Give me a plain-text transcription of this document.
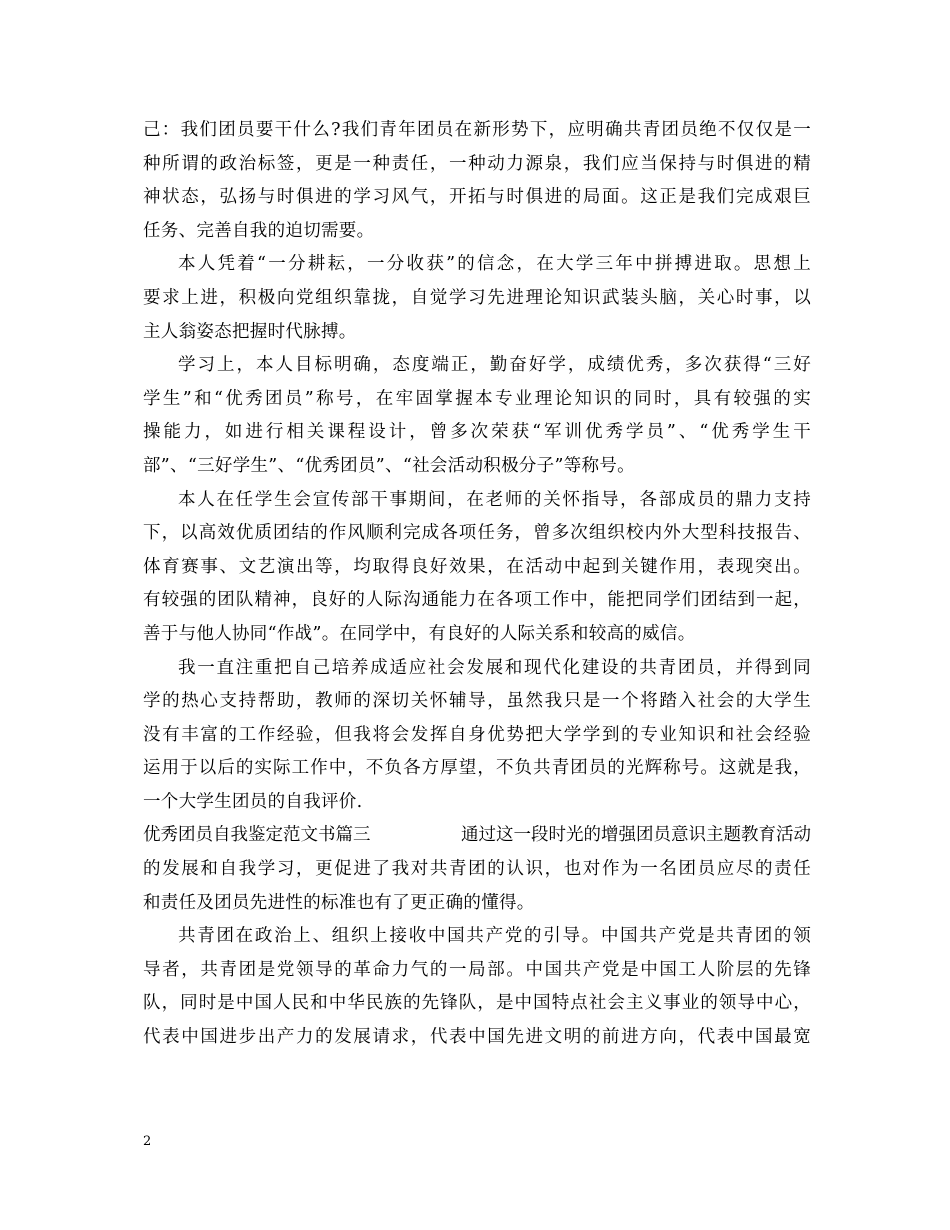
己：我们团员要干什么?我们青年团员在新形势下，应明确共青团员绝不仅仅是一
种所谓的政治标签，更是一种责任，一种动力源泉，我们应当保持与时俱进的精
神状态，弘扬与时俱进的学习风气，开拓与时俱进的局面。这正是我们完成艰巨
任务、完善自我的迫切需要。
本人凭着“一分耕耘，一分收获”的信念，在大学三年中拼搏进取。思想上
要求上进，积极向党组织靠拢，自觉学习先进理论知识武装头脑，关心时事，以
主人翁姿态把握时代脉搏。
学习上，本人目标明确，态度端正，勤奋好学，成绩优秀，多次获得“三好
学生”和“优秀团员”称号，在牢固掌握本专业理论知识的同时，具有较强的实
操能力，如进行相关课程设计，曾多次荣获“军训优秀学员”、“优秀学生干
部”、“三好学生”、“优秀团员”、“社会活动积极分子”等称号。
本人在任学生会宣传部干事期间，在老师的关怀指导，各部成员的鼎力支持
下，以高效优质团结的作风顺利完成各项任务，曾多次组织校内外大型科技报告、
体育赛事、文艺演出等，均取得良好效果，在活动中起到关键作用，表现突出。
有较强的团队精神，良好的人际沟通能力在各项工作中，能把同学们团结到一起，
善于与他人协同“作战”。在同学中，有良好的人际关系和较高的威信。
我一直注重把自己培养成适应社会发展和现代化建设的共青团员，并得到同
学的热心支持帮助，教师的深切关怀辅导，虽然我只是一个将踏入社会的大学生
没有丰富的工作经验，但我将会发挥自身优势把大学学到的专业知识和社会经验
运用于以后的实际工作中，不负各方厚望，不负共青团员的光辉称号。这就是我，
一个大学生团员的自我评价.
优秀团员自我鉴定范文书篇三	通过这一段时光的增强团员意识主题教育活动
的发展和自我学习，更促进了我对共青团的认识，也对作为一名团员应尽的责任
和责任及团员先进性的标准也有了更正确的懂得。
共青团在政治上、组织上接收中国共产党的引导。中国共产党是共青团的领
导者，共青团是党领导的革命力气的一局部。中国共产党是中国工人阶层的先锋
队，同时是中国人民和中华民族的先锋队，是中国特点社会主义事业的领导中心，
代表中国进步出产力的发展请求，代表中国先进文明的前进方向，代表中国最宽
2
